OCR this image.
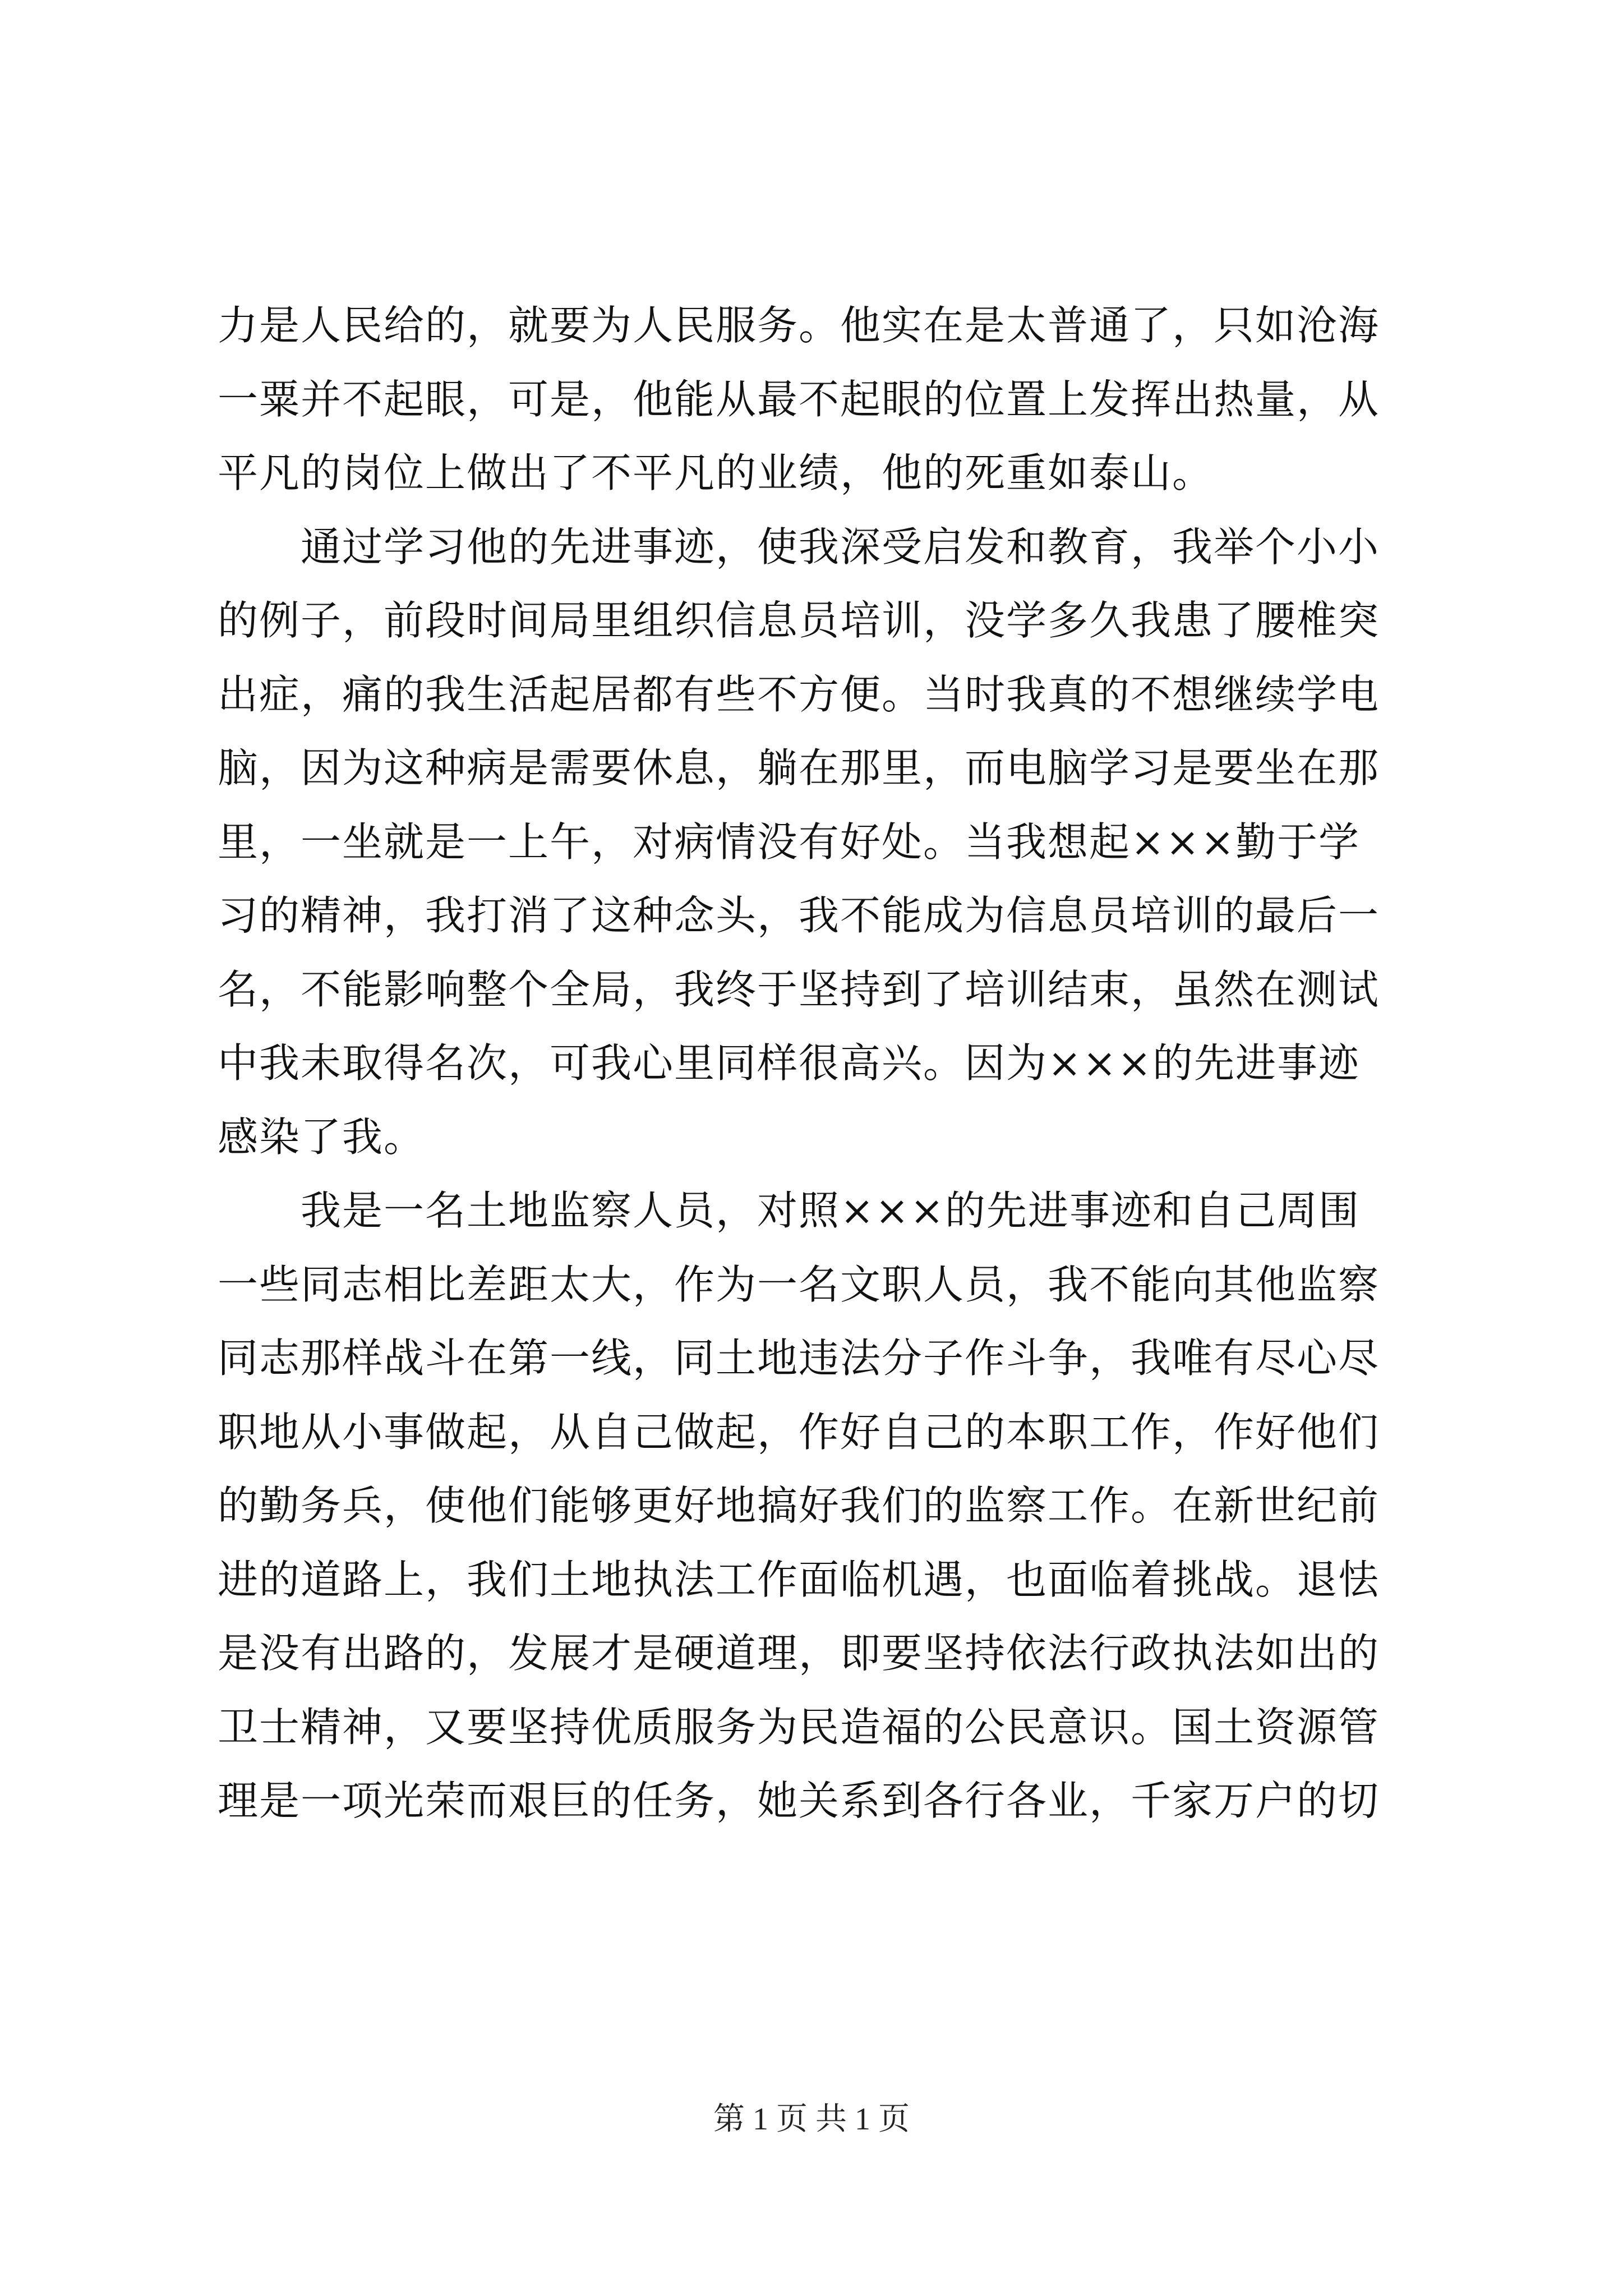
力是人民给的，就要为人民服务。他实在是太普通了，只如沧海
一粟并不起眼，可是，他能从最不起眼的位置上发挥出热量，从
平凡的岗位上做出了不平凡的业绩，他的死重如泰山。
　　通过学习他的先进事迹，使我深受启发和教育，我举个小小
的例子，前段时间局里组织信息员培训，没学多久我患了腰椎突
出症，痛的我生活起居都有些不方便。当时我真的不想继续学电
脑，因为这种病是需要休息，躺在那里，而电脑学习是要坐在那
里，一坐就是一上午，对病情没有好处。当我想起×××勤于学
习的精神，我打消了这种念头，我不能成为信息员培训的最后一
名，不能影响整个全局，我终于坚持到了培训结束，虽然在测试
中我未取得名次，可我心里同样很高兴。因为×××的先进事迹
感染了我。
　　我是一名土地监察人员，对照×××的先进事迹和自己周围
一些同志相比差距太大，作为一名文职人员，我不能向其他监察
同志那样战斗在第一线，同土地违法分子作斗争，我唯有尽心尽
职地从小事做起，从自己做起，作好自己的本职工作，作好他们
的勤务兵，使他们能够更好地搞好我们的监察工作。在新世纪前
进的道路上，我们土地执法工作面临机遇，也面临着挑战。退怯
是没有出路的，发展才是硬道理，即要坚持依法行政执法如出的
卫士精神，又要坚持优质服务为民造福的公民意识。国土资源管
理是一项光荣而艰巨的任务，她关系到各行各业，千家万户的切
第 1 页 共 1 页
